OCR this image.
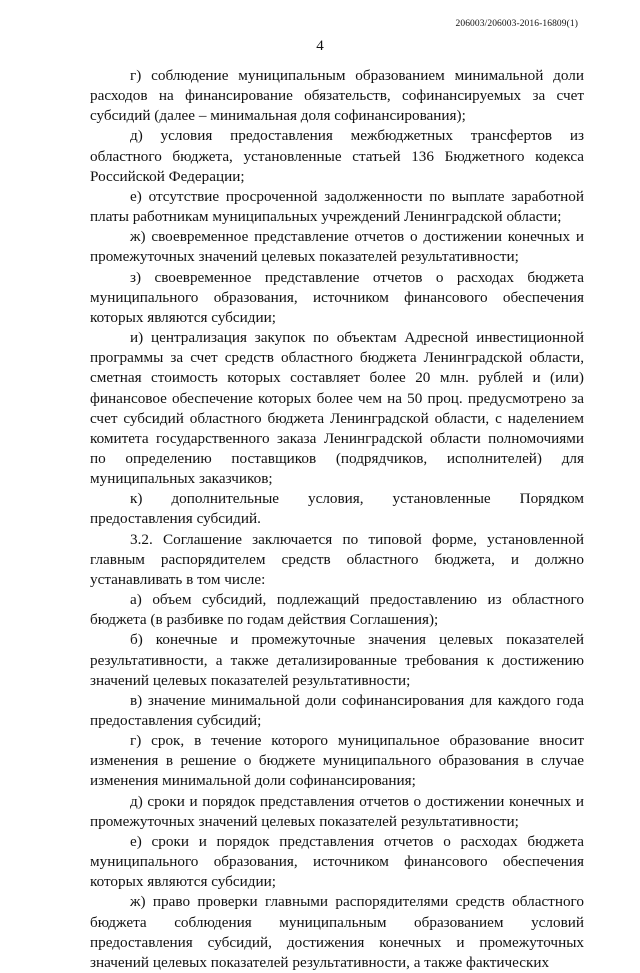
206003/206003-2016-16809(1)
4

г) соблюдение муниципальным образованием минимальной доли расходов на финансирование обязательств, софинансируемых за счет субсидий (далее – минимальная доля софинансирования);

д) условия предоставления межбюджетных трансфертов из областного бюджета, установленные статьей 136 Бюджетного кодекса Российской Федерации;

е) отсутствие просроченной задолженности по выплате заработной платы работникам муниципальных учреждений Ленинградской области;

ж) своевременное представление отчетов о достижении конечных и промежуточных значений целевых показателей результативности;

з) своевременное представление отчетов о расходах бюджета муниципального образования, источником финансового обеспечения которых являются субсидии;

и) централизация закупок по объектам Адресной инвестиционной программы за счет средств областного бюджета Ленинградской области, сметная стоимость которых составляет более 20 млн. рублей и (или) финансовое обеспечение которых более чем на 50 проц. предусмотрено за счет субсидий областного бюджета Ленинградской области, с наделением комитета государственного заказа Ленинградской области полномочиями по определению поставщиков (подрядчиков, исполнителей) для муниципальных заказчиков;

к) дополнительные условия, установленные Порядком предоставления субсидий.

3.2. Соглашение заключается по типовой форме, установленной главным распорядителем средств областного бюджета, и должно устанавливать в том числе:

а) объем субсидий, подлежащий предоставлению из областного бюджета (в разбивке по годам действия Соглашения);

б) конечные и промежуточные значения целевых показателей результативности, а также детализированные требования к достижению значений целевых показателей результативности;

в) значение минимальной доли софинансирования для каждого года предоставления субсидий;

г) срок, в течение которого муниципальное образование вносит изменения в решение о бюджете муниципального образования в случае изменения минимальной доли софинансирования;

д) сроки и порядок представления отчетов о достижении конечных и промежуточных значений целевых показателей результативности;

е) сроки и порядок представления отчетов о расходах бюджета муниципального образования, источником финансового обеспечения которых являются субсидии;

ж) право проверки главными распорядителями средств областного бюджета соблюдения муниципальным образованием условий предоставления субсидий, достижения конечных и промежуточных значений целевых показателей результативности, а также фактических
